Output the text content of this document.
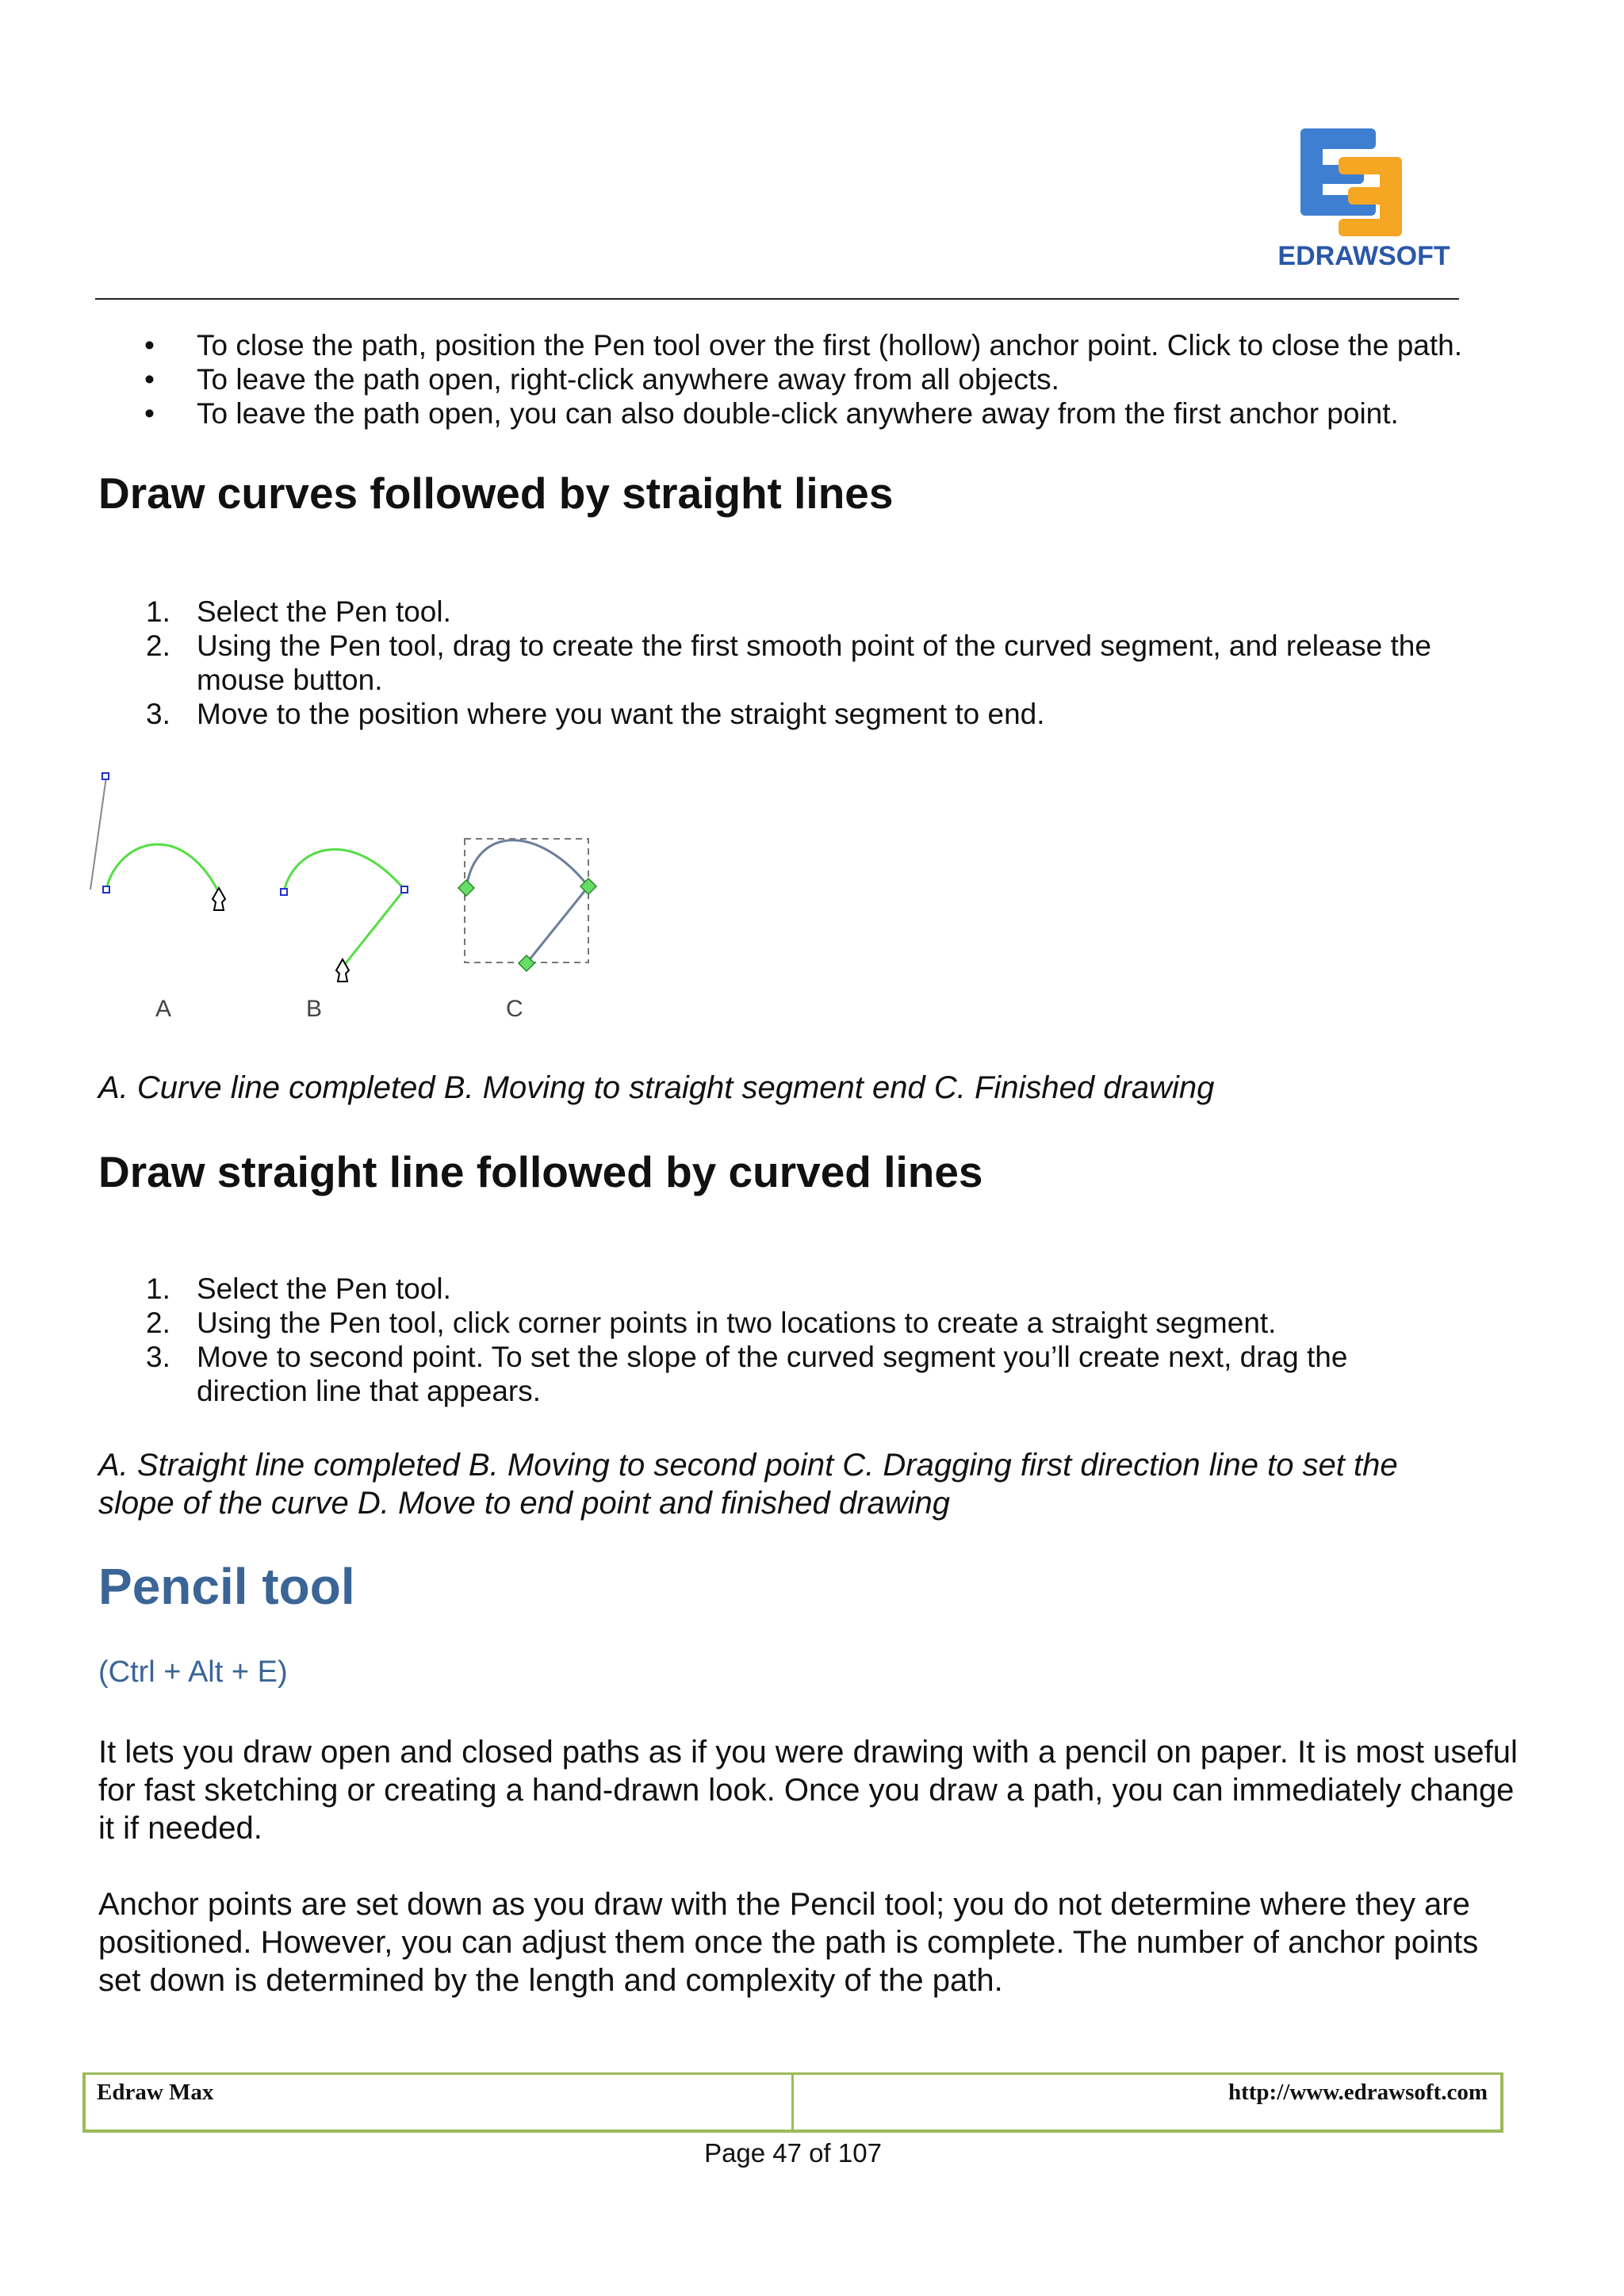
EDRAWSOFT
• To close the path, position the Pen tool over the first (hollow) anchor point. Click to close the path.
• To leave the path open, right-click anywhere away from all objects.
• To leave the path open, you can also double-click anywhere away from the first anchor point.
Draw curves followed by straight lines
1. Select the Pen tool.
2. Using the Pen tool, drag to create the first smooth point of the curved segment, and release the mouse button.
3. Move to the position where you want the straight segment to end.
A	B	C
A. Curve line completed B. Moving to straight segment end C. Finished drawing
Draw straight line followed by curved lines
1. Select the Pen tool.
2. Using the Pen tool, click corner points in two locations to create a straight segment.
3. Move to second point. To set the slope of the curved segment you’ll create next, drag the direction line that appears.
A. Straight line completed B. Moving to second point C. Dragging first direction line to set the slope of the curve D. Move to end point and finished drawing
Pencil tool
(Ctrl + Alt + E)
It lets you draw open and closed paths as if you were drawing with a pencil on paper. It is most useful for fast sketching or creating a hand-drawn look. Once you draw a path, you can immediately change it if needed.
Anchor points are set down as you draw with the Pencil tool; you do not determine where they are positioned. However, you can adjust them once the path is complete. The number of anchor points set down is determined by the length and complexity of the path.
Edraw Max	http://www.edrawsoft.com
Page 47 of 107
